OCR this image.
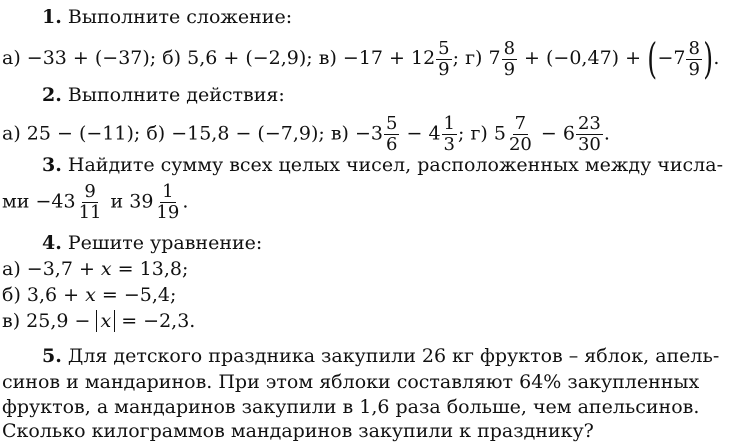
1. Выполните сложение:
а) −33 + (−37); б) 5,6 + (−2,9); $в) -17 + 12 \frac{5}{9}$ ; г) $7 \frac{8}{9} + (-0,47) + (-7 \frac{8}{9}$ ).
2. Выполните действия:
а) 25 − (−11); б) −15,8 − (−7,9); $в) -3 \frac{5}{6} - 4 \frac{1}{3}$ ; г) $5 \frac{7}{20} - 6 \frac{23}{30}$ .
3. Найдите сумму всех целых чисел, расположенных между числа-
ми $-43 \frac{9}{11}$ и $39 \frac{1}{19}$ .
4. Решите уравнение:
а) −3,7 + x = 13,8;
б) 3,6 + x = −5,4;
в) 25,9 − x = −2,3.
5. Для детского праздника закупили 26 кг фруктов – яблок, апель-
синов и мандаринов. При этом яблоки составляют 64% закупленных
фруктов, а мандаринов закупили в 1,6 раза больше, чем апельсинов.
Сколько килограммов мандаринов закупили к празднику?
